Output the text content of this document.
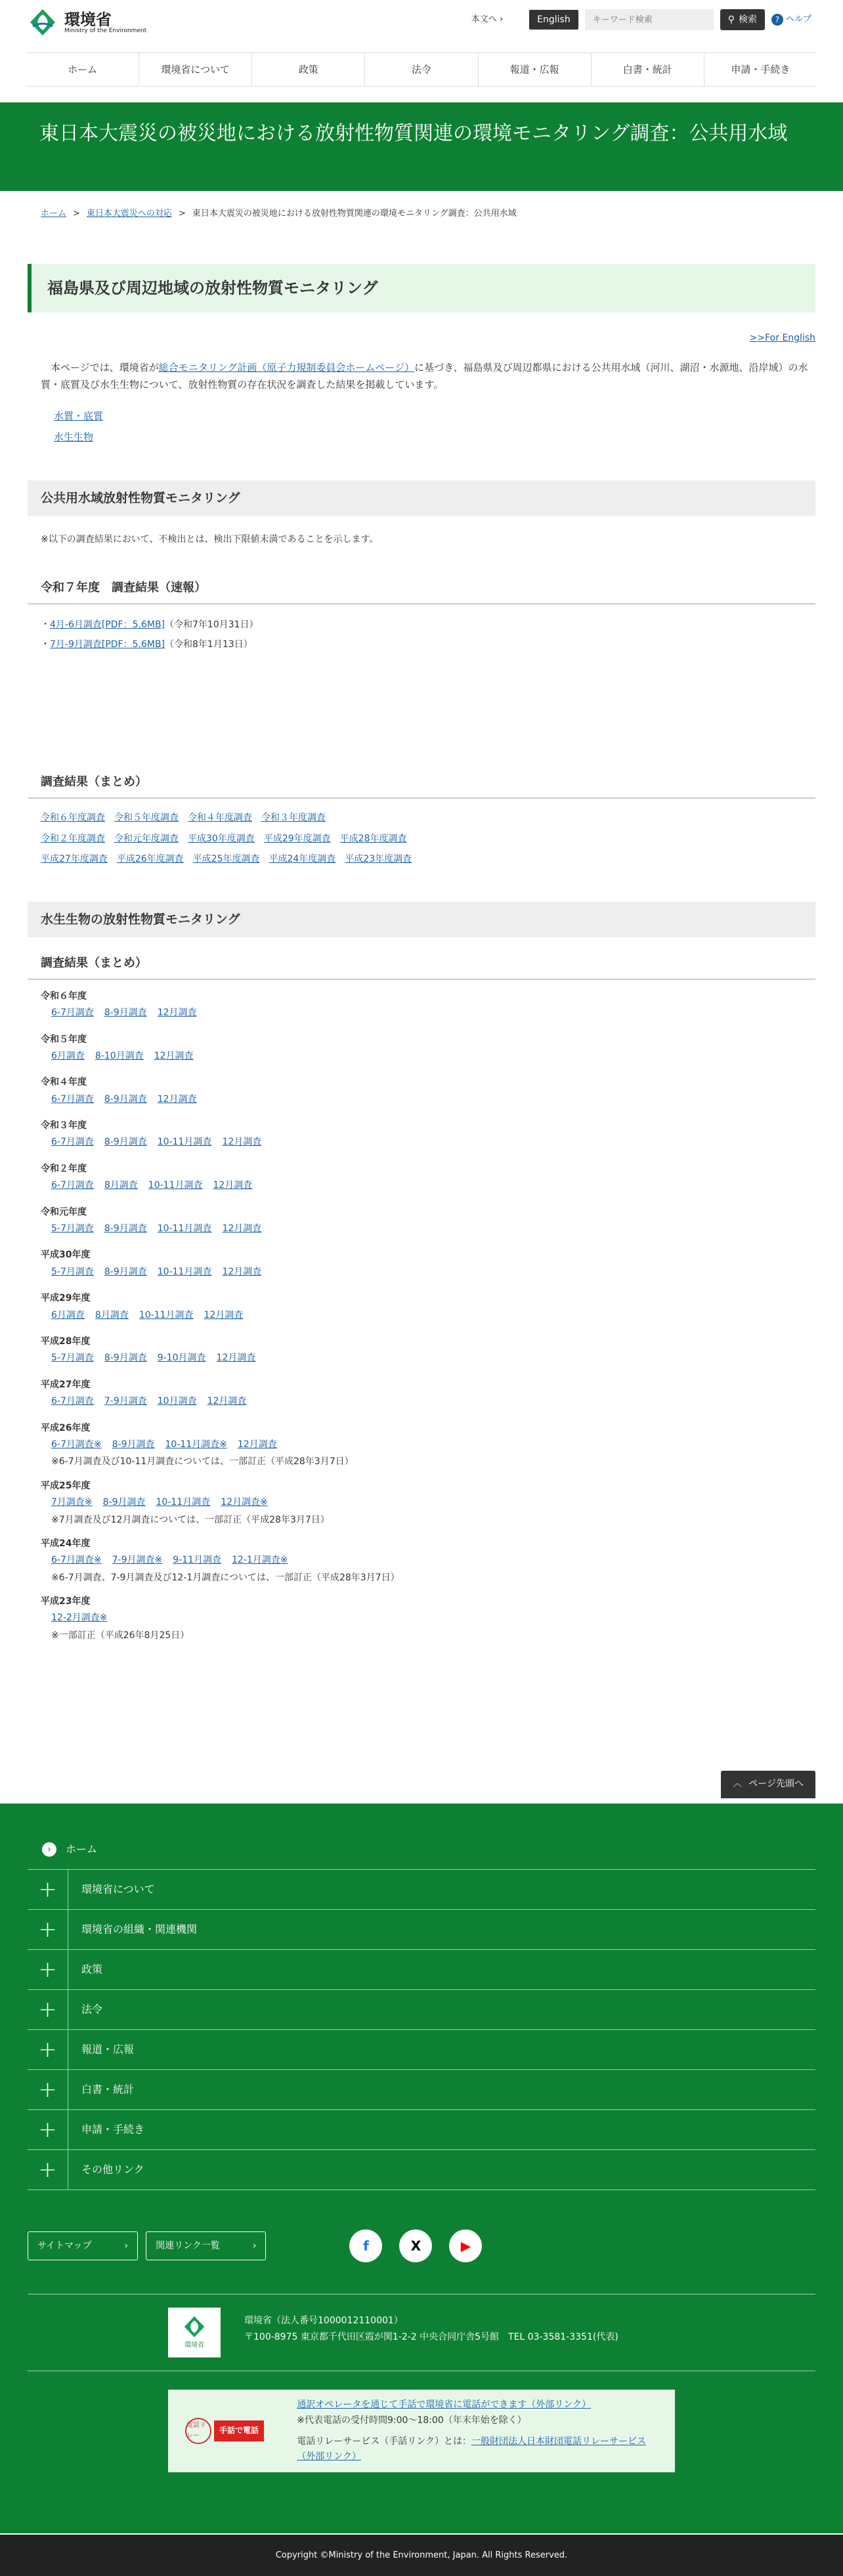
環境省
Ministry of the Environment
本文へ ›	English
キーワード検索	⚲ 検索	? ヘルプ
ホーム	環境省について	政策	法令	報道・広報	白書・統計	申請・手続き
東日本大震災の被災地における放射性物質関連の環境モニタリング調査：公共用水域
ホーム > 東日本大震災への対応 > 東日本大震災の被災地における放射性物質関連の環境モニタリング調査：公共用水域
福島県及び周辺地域の放射性物質モニタリング
>>For English

本ページでは、環境省が総合モニタリング計画（原子力規制委員会ホームページ）に基づき、福島県及び周辺都県における公共用水域（河川、湖沼・水源地、沿岸域）の水質・底質及び水生生物について、放射性物質の存在状況を調査した結果を掲載しています。

水質・底質
水生生物
公共用水域放射性物質モニタリング

※以下の調査結果において、不検出とは、検出下限値未満であることを示します。

令和７年度　調査結果（速報）
・4月-6月調査[PDF：5.6MB]（令和7年10月31日）
・7月-9月調査[PDF：5.6MB]（令和8年1月13日）
調査結果（まとめ）
令和６年度調査 令和５年度調査 令和４年度調査 令和３年度調査
令和２年度調査 令和元年度調査 平成30年度調査 平成29年度調査 平成28年度調査
平成27年度調査 平成26年度調査 平成25年度調査 平成24年度調査 平成23年度調査
水生生物の放射性物質モニタリング
調査結果（まとめ）
令和６年度
6-7月調査 8-9月調査 12月調査
令和５年度
6月調査 8-10月調査 12月調査
令和４年度
6-7月調査 8-9月調査 12月調査
令和３年度
6-7月調査 8-9月調査 10-11月調査 12月調査
令和２年度
6-7月調査 8月調査 10-11月調査 12月調査
令和元年度
5-7月調査 8-9月調査 10-11月調査 12月調査
平成30年度
5-7月調査 8-9月調査 10-11月調査 12月調査
平成29年度
6月調査 8月調査 10-11月調査 12月調査
平成28年度
5-7月調査 8-9月調査 9-10月調査 12月調査
平成27年度
6-7月調査 7-9月調査 10月調査 12月調査
平成26年度
6-7月調査※ 8-9月調査 10-11月調査※ 12月調査
※6-7月調査及び10-11月調査については、一部訂正（平成28年3月7日）
平成25年度
7月調査※ 8-9月調査 10-11月調査 12月調査※
※7月調査及び12月調査については、一部訂正（平成28年3月7日）
平成24年度
6-7月調査※ 7-9月調査※ 9-11月調査 12-1月調査※
※6-7月調査、7-9月調査及び12-1月調査については、一部訂正（平成28年3月7日）
平成23年度
12-2月調査※
※一部訂正（平成26年8月25日）
︿ ページ先頭へ
›	ホーム
+	環境省について
+	環境省の組織・関連機関
+	政策
+	法令
+	報道・広報
+	白書・統計
+	申請・手続き
+	その他リンク
サイトマップ	›	関連リンク一覧	›	f	X	▶
環境省
環境省（法人番号1000012110001）
〒100-8975 東京都千代田区霞が関1-2-2 中央合同庁舎5号館　TEL 03-3581-3351(代表)
電話リレー
手話で電話
通訳オペレータを通じて手話で環境省に電話ができます（外部リンク）
※代表電話の受付時間9:00～18:00（年末年始を除く）
電話リレーサービス（手話リンク）とは：一般財団法人日本財団電話リレーサービス（外部リンク）
Copyright ©Ministry of the Environment, Japan. All Rights Reserved.
